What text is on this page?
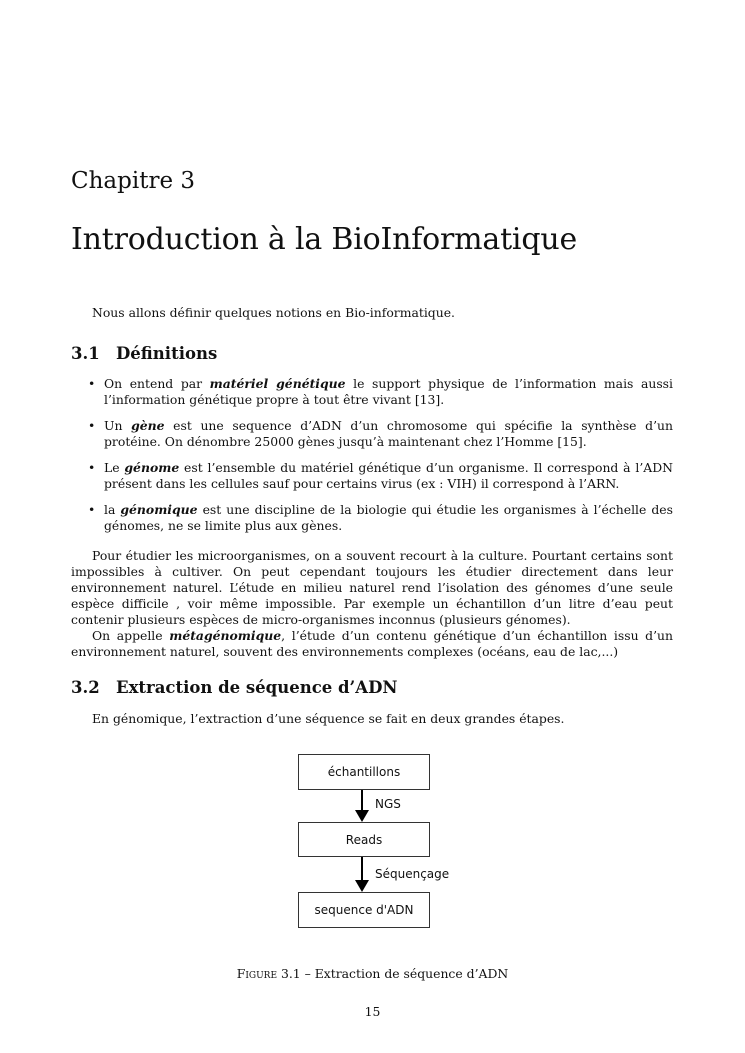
Chapitre 3
Introduction à la BioInformatique
Nous allons définir quelques notions en Bio-informatique.
3.1 Définitions
• On entend par matériel génétique le support physique de l’information mais aussi l’information génétique propre à tout être vivant [13].
• Un gène est une sequence d’ADN d’un chromosome qui spécifie la synthèse d’un protéine. On dénombre 25000 gènes jusqu’à maintenant chez l’Homme [15].
• Le génome est l’ensemble du matériel génétique d’un organisme. Il correspond à l’ADN présent dans les cellules sauf pour certains virus (ex : VIH) il correspond à l’ARN.
• la génomique est une discipline de la biologie qui étudie les organismes à l’échelle des génomes, ne se limite plus aux gènes.

Pour étudier les microorganismes, on a souvent recourt à la culture. Pourtant certains sont impossibles à cultiver. On peut cependant toujours les étudier directement dans leur environnement naturel. L’étude en milieu naturel rend l’isolation des génomes d’une seule espèce difficile , voir même impossible. Par exemple un échantillon d’un litre d’eau peut contenir plusieurs espèces de micro-organismes inconnus (plusieurs génomes).

On appelle métagénomique, l’étude d’un contenu génétique d’un échantillon issu d’un environnement naturel, souvent des environnements complexes (océans, eau de lac,...)

3.2 Extraction de séquence d’ADN
En génomique, l’extraction d’une séquence se fait en deux grandes étapes.
échantillons
Reads
sequence d'ADN
NGS
Séquençage
Figure 3.1 – Extraction de séquence d’ADN
15
